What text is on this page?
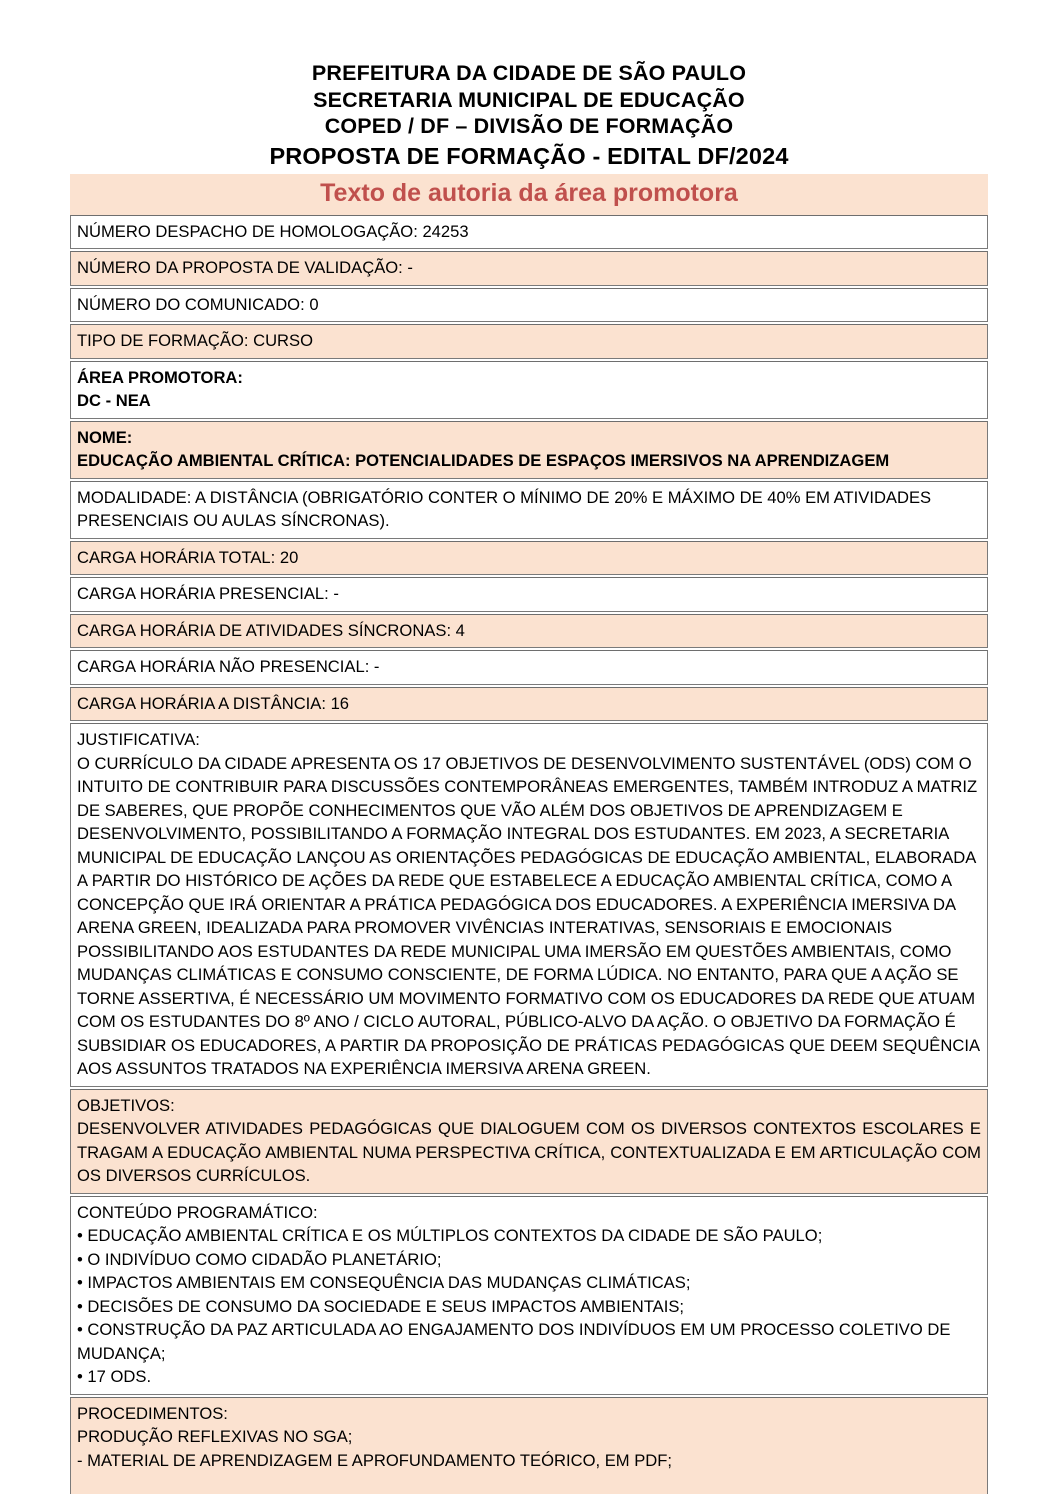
PREFEITURA DA CIDADE DE SÃO PAULO
SECRETARIA MUNICIPAL DE EDUCAÇÃO
COPED / DF – DIVISÃO DE FORMAÇÃO
PROPOSTA DE FORMAÇÃO - EDITAL DF/2024
Texto de autoria da área promotora
NÚMERO DESPACHO DE HOMOLOGAÇÃO: 24253
NÚMERO DA PROPOSTA DE VALIDAÇÃO: -
NÚMERO DO COMUNICADO: 0
TIPO DE FORMAÇÃO: CURSO
ÁREA PROMOTORA:
DC - NEA
NOME:
EDUCAÇÃO AMBIENTAL CRÍTICA: POTENCIALIDADES DE ESPAÇOS IMERSIVOS NA APRENDIZAGEM
MODALIDADE: A DISTÂNCIA (OBRIGATÓRIO CONTER O MÍNIMO DE 20% E MÁXIMO DE 40% EM ATIVIDADES PRESENCIAIS OU AULAS SÍNCRONAS).
CARGA HORÁRIA TOTAL: 20
CARGA HORÁRIA PRESENCIAL: -
CARGA HORÁRIA DE ATIVIDADES SÍNCRONAS: 4
CARGA HORÁRIA NÃO PRESENCIAL: -
CARGA HORÁRIA A DISTÂNCIA: 16
JUSTIFICATIVA:
O CURRÍCULO DA CIDADE APRESENTA OS 17 OBJETIVOS DE DESENVOLVIMENTO SUSTENTÁVEL (ODS) COM O INTUITO DE CONTRIBUIR PARA DISCUSSÕES CONTEMPORÂNEAS EMERGENTES, TAMBÉM INTRODUZ A MATRIZ DE SABERES, QUE PROPÕE CONHECIMENTOS QUE VÃO ALÉM DOS OBJETIVOS DE APRENDIZAGEM E DESENVOLVIMENTO, POSSIBILITANDO A FORMAÇÃO INTEGRAL DOS ESTUDANTES. EM 2023, A SECRETARIA MUNICIPAL DE EDUCAÇÃO LANÇOU AS ORIENTAÇÕES PEDAGÓGICAS DE EDUCAÇÃO AMBIENTAL, ELABORADA A PARTIR DO HISTÓRICO DE AÇÕES DA REDE QUE ESTABELECE A EDUCAÇÃO AMBIENTAL CRÍTICA, COMO A CONCEPÇÃO QUE IRÁ ORIENTAR A PRÁTICA PEDAGÓGICA DOS EDUCADORES. A EXPERIÊNCIA IMERSIVA DA ARENA GREEN, IDEALIZADA PARA PROMOVER VIVÊNCIAS INTERATIVAS, SENSORIAIS E EMOCIONAIS POSSIBILITANDO AOS ESTUDANTES DA REDE MUNICIPAL UMA IMERSÃO EM QUESTÕES AMBIENTAIS, COMO MUDANÇAS CLIMÁTICAS E CONSUMO CONSCIENTE, DE FORMA LÚDICA. NO ENTANTO, PARA QUE A AÇÃO SE TORNE ASSERTIVA, É NECESSÁRIO UM MOVIMENTO FORMATIVO COM OS EDUCADORES DA REDE QUE ATUAM COM OS ESTUDANTES DO 8º ANO / CICLO AUTORAL, PÚBLICO-ALVO DA AÇÃO. O OBJETIVO DA FORMAÇÃO É SUBSIDIAR OS EDUCADORES, A PARTIR DA PROPOSIÇÃO DE PRÁTICAS PEDAGÓGICAS QUE DEEM SEQUÊNCIA AOS ASSUNTOS TRATADOS NA EXPERIÊNCIA IMERSIVA ARENA GREEN.
OBJETIVOS:
DESENVOLVER ATIVIDADES PEDAGÓGICAS QUE DIALOGUEM COM OS DIVERSOS CONTEXTOS ESCOLARES E TRAGAM A EDUCAÇÃO AMBIENTAL NUMA PERSPECTIVA CRÍTICA, CONTEXTUALIZADA E EM ARTICULAÇÃO COM OS DIVERSOS CURRÍCULOS.
CONTEÚDO PROGRAMÁTICO:
• EDUCAÇÃO AMBIENTAL CRÍTICA E OS MÚLTIPLOS CONTEXTOS DA CIDADE DE SÃO PAULO;
• O INDIVÍDUO COMO CIDADÃO PLANETÁRIO;
• IMPACTOS AMBIENTAIS EM CONSEQUÊNCIA DAS MUDANÇAS CLIMÁTICAS;
• DECISÕES DE CONSUMO DA SOCIEDADE E SEUS IMPACTOS AMBIENTAIS;
• CONSTRUÇÃO DA PAZ ARTICULADA AO ENGAJAMENTO DOS INDIVÍDUOS EM UM PROCESSO COLETIVO DE MUDANÇA;
• 17 ODS.
PROCEDIMENTOS:
PRODUÇÃO REFLEXIVAS NO SGA;
- MATERIAL DE APRENDIZAGEM E APROFUNDAMENTO TEÓRICO, EM PDF;
